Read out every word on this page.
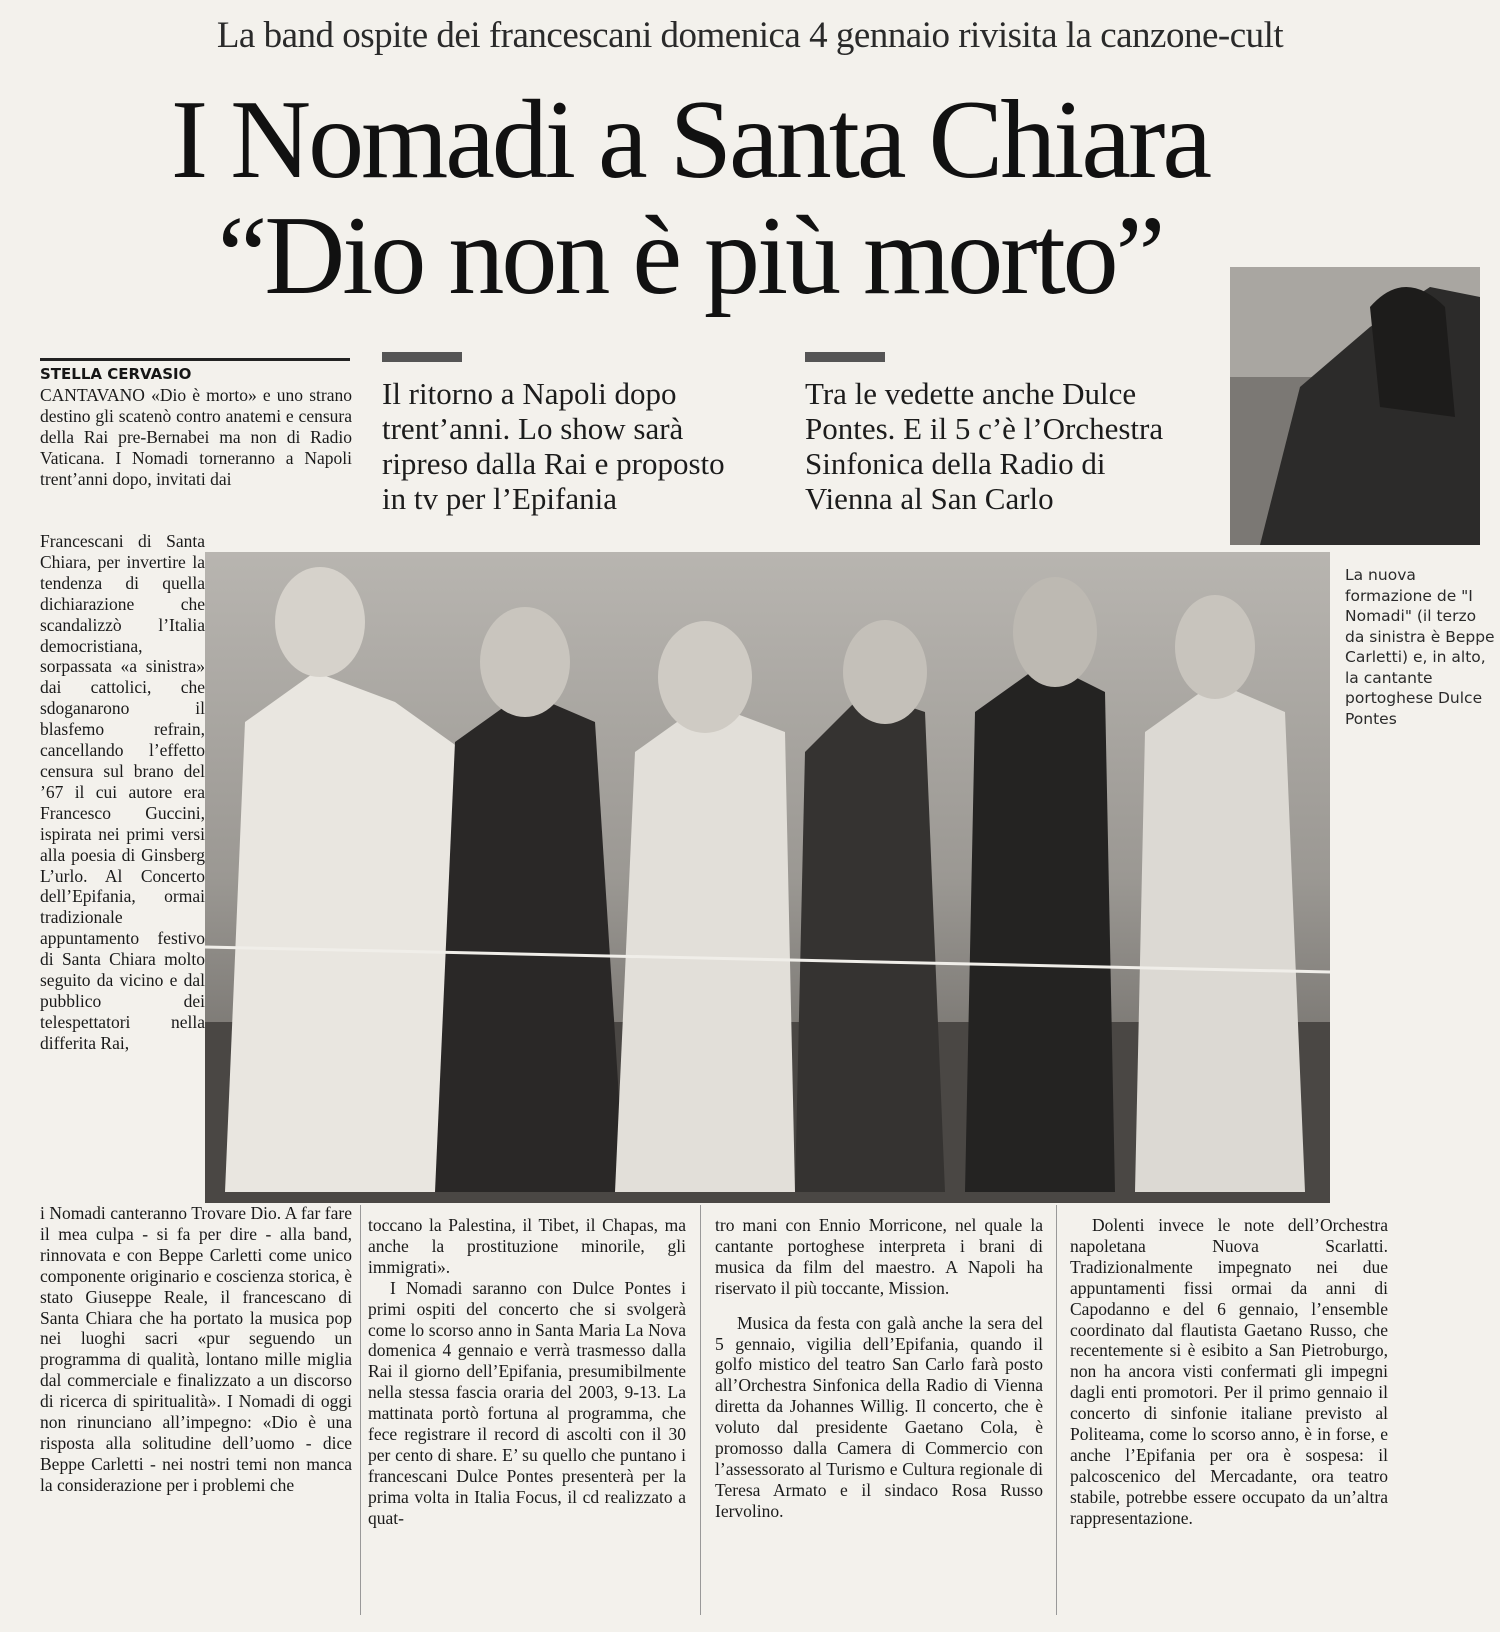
La band ospite dei francescani domenica 4 gennaio rivisita la canzone-cult
I Nomadi a Santa Chiara
“Dio non è più morto”
STELLA CERVASIO
Il ritorno a Napoli dopo trent’anni. Lo show sarà ripreso dalla Rai e proposto in tv per l’Epifania
Tra le vedette anche Dulce Pontes. E il 5 c’è l’Orchestra Sinfonica della Radio di Vienna al San Carlo
La nuova formazione de "I Nomadi" (il terzo da sinistra è Beppe Carletti) e, in alto, la cantante portoghese Dulce Pontes

CANTAVANO «Dio è morto» e uno strano destino gli scatenò contro anatemi e censura della Rai pre-Bernabei ma non di Radio Vaticana. I Nomadi torneranno a Napoli trent’anni dopo, invitati dai

Francescani di Santa Chiara, per invertire la tendenza di quella dichiarazione che scandalizzò l’Italia democristiana, sorpassata «a sinistra» dai cattolici, che sdoganarono il blasfemo refrain, cancellando l’effetto censura sul brano del ’67 il cui autore era Francesco Guccini, ispirata nei primi versi alla poesia di Ginsberg L’urlo. Al Concerto dell’Epifania, ormai tradizionale appuntamento festivo di Santa Chiara molto seguito da vicino e dal pubblico dei telespettatori nella differita Rai,

i Nomadi canteranno Trovare Dio. A far fare il mea culpa - si fa per dire - alla band, rinnovata e con Beppe Carletti come unico componente originario e coscienza storica, è stato Giuseppe Reale, il francescano di Santa Chiara che ha portato la musica pop nei luoghi sacri «pur seguendo un programma di qualità, lontano mille miglia dal commerciale e finalizzato a un discorso di ricerca di spiritualità». I Nomadi di oggi non rinunciano all’impegno: «Dio è una risposta alla solitudine dell’uomo - dice Beppe Carletti - nei nostri temi non manca la considerazione per i problemi che

toccano la Palestina, il Tibet, il Chapas, ma anche la prostituzione minorile, gli immigrati».

I Nomadi saranno con Dulce Pontes i primi ospiti del concerto che si svolgerà come lo scorso anno in Santa Maria La Nova domenica 4 gennaio e verrà trasmesso dalla Rai il giorno dell’Epifania, presumibilmente nella stessa fascia oraria del 2003, 9-13. La mattinata portò fortuna al programma, che fece registrare il record di ascolti con il 30 per cento di share. E’ su quello che puntano i francescani Dulce Pontes presenterà per la prima volta in Italia Focus, il cd realizzato a quat-

tro mani con Ennio Morricone, nel quale la cantante portoghese interpreta i brani di musica da film del maestro. A Napoli ha riservato il più toccante, Mission.

Musica da festa con galà anche la sera del 5 gennaio, vigilia dell’Epifania, quando il golfo mistico del teatro San Carlo farà posto all’Orchestra Sinfonica della Radio di Vienna diretta da Johannes Willig. Il concerto, che è voluto dal presidente Gaetano Cola, è promosso dalla Camera di Commercio con l’assessorato al Turismo e Cultura regionale di Teresa Armato e il sindaco Rosa Russo Iervolino.

Dolenti invece le note dell’Orchestra napoletana Nuova Scarlatti. Tradizionalmente impegnato nei due appuntamenti fissi ormai da anni di Capodanno e del 6 gennaio, l’ensemble coordinato dal flautista Gaetano Russo, che recentemente si è esibito a San Pietroburgo, non ha ancora visti confermati gli impegni dagli enti promotori. Per il primo gennaio il concerto di sinfonie italiane previsto al Politeama, come lo scorso anno, è in forse, e anche l’Epifania per ora è sospesa: il palcoscenico del Mercadante, ora teatro stabile, potrebbe essere occupato da un’altra rappresentazione.
